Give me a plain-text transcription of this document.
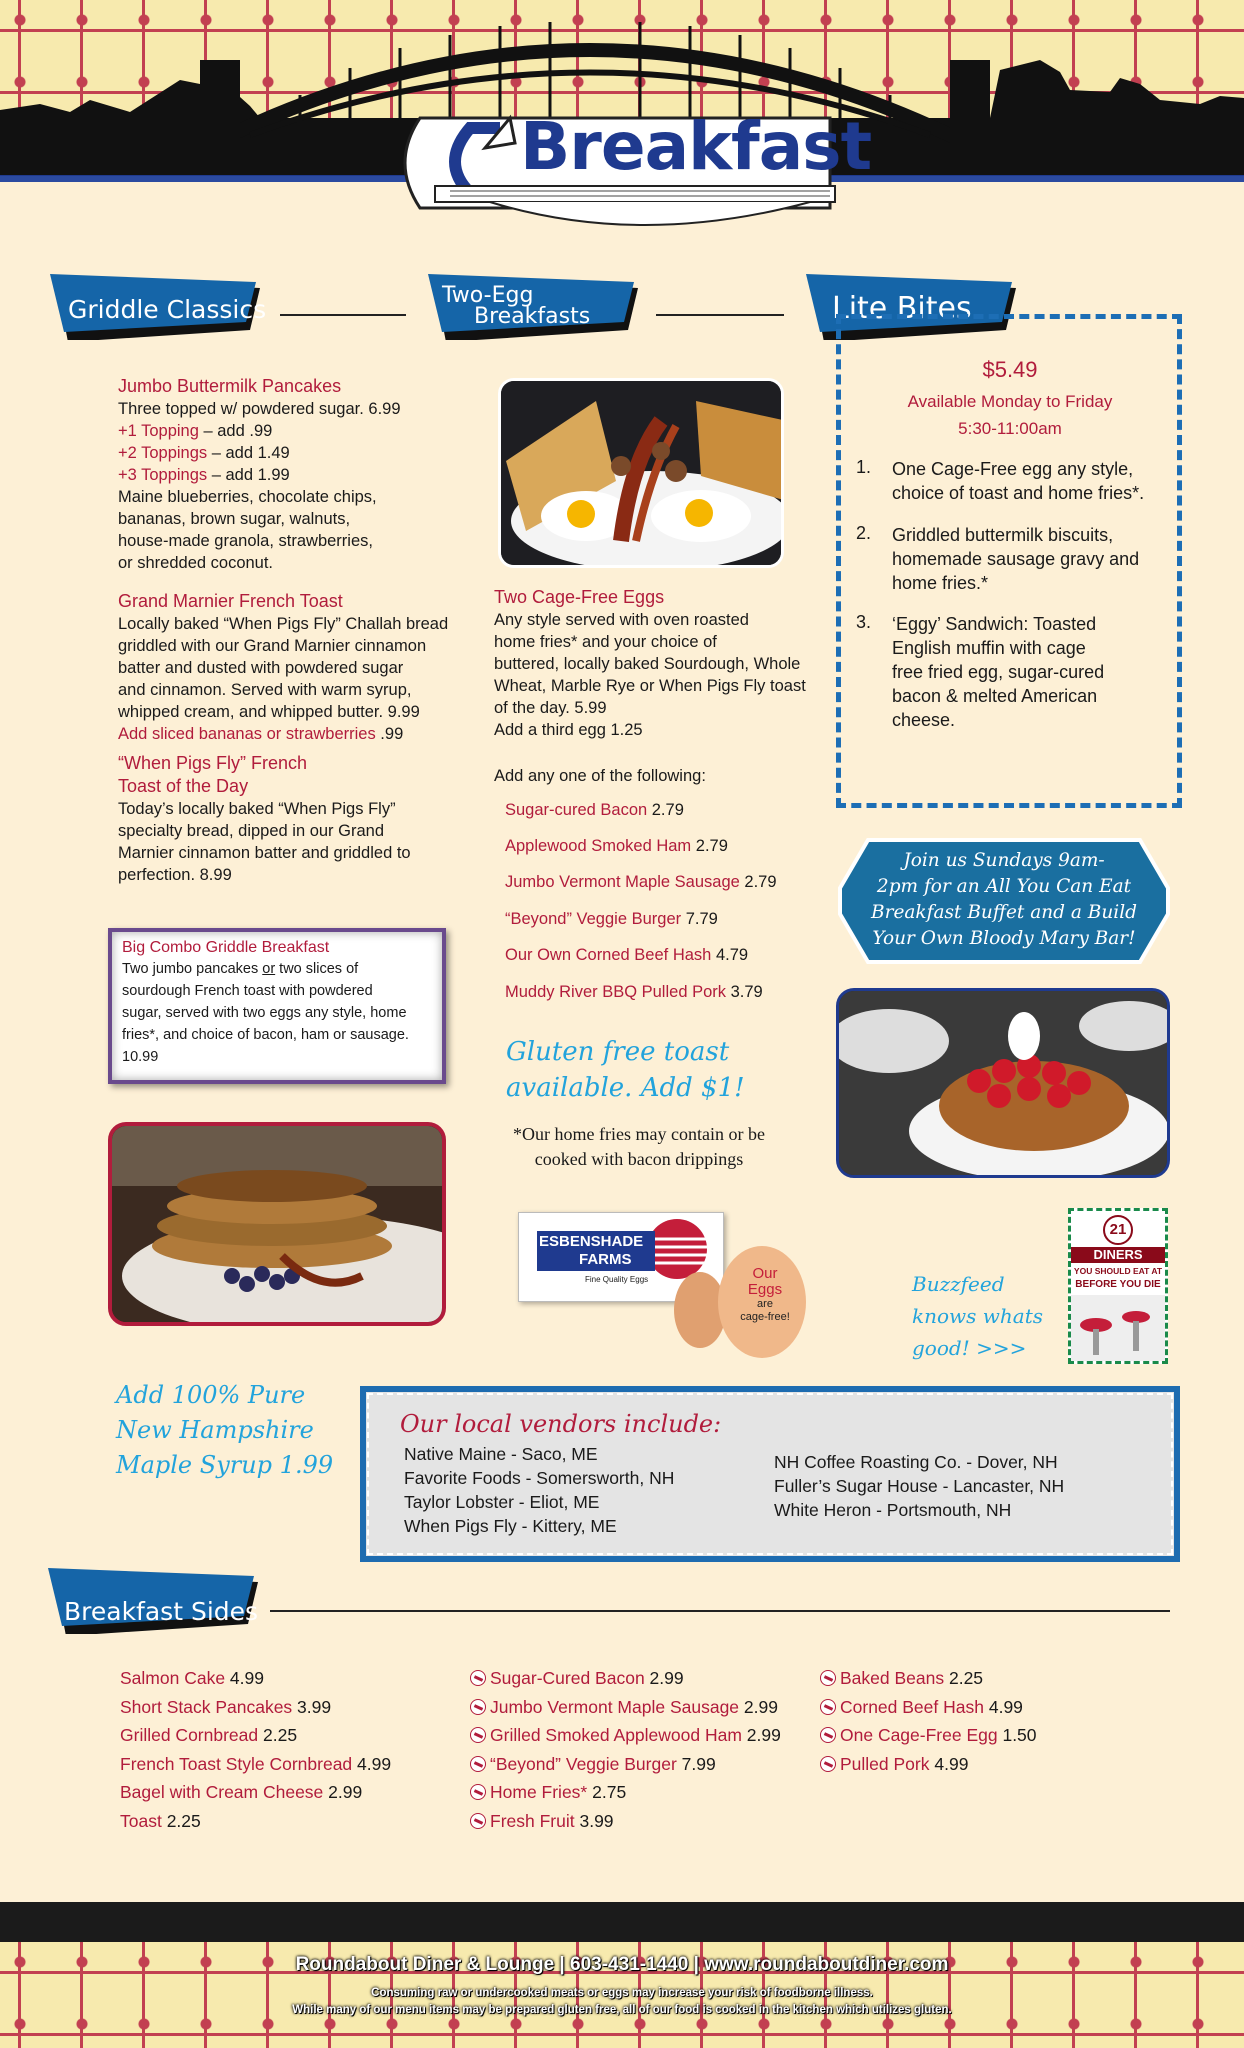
Breakfast
Griddle Classics	Two-Egg
Breakfasts	Lite Bites

Jumbo Buttermilk Pancakes

Three topped w/ powdered sugar. 6.99

+1 Topping – add .99

+2 Toppings – add 1.49

+3 Toppings – add 1.99

Maine blueberries, chocolate chips,

bananas, brown sugar, walnuts,

house-made granola, strawberries,

or shredded coconut.

Grand Marnier French Toast

Locally baked “When Pigs Fly” Challah bread

griddled with our Grand Marnier cinnamon

batter and dusted with powdered sugar

and cinnamon. Served with warm syrup,

whipped cream, and whipped butter. 9.99

Add sliced bananas or strawberries .99

“When Pigs Fly” French

Toast of the Day

Today’s locally baked “When Pigs Fly”

specialty bread, dipped in our Grand

Marnier cinnamon batter and griddled to

perfection. 8.99

Big Combo Griddle Breakfast

Two jumbo pancakes or two slices of

sourdough French toast with powdered

sugar, served with two eggs any style, home

fries*, and choice of bacon, ham or sausage.

10.99

Two Cage-Free Eggs

Any style served with oven roasted

home fries* and your choice of

buttered, locally baked Sourdough, Whole

Wheat, Marble Rye or When Pigs Fly toast

of the day. 5.99

Add a third egg 1.25

Add any one of the following:
Sugar-cured Bacon 2.79
Applewood Smoked Ham 2.79
Jumbo Vermont Maple Sausage 2.79
“Beyond” Veggie Burger 7.79
Our Own Corned Beef Hash 4.79
Muddy River BBQ Pulled Pork 3.79

Gluten free toast

available. Add $1!

*Our home fries may contain or be

cooked with bacon drippings

ESBENSHADE
FARMS
Fine Quality Eggs	Our

Eggs

are

cage-free!

$5.49

Available Monday to Friday

5:30-11:00am

1. One Cage-Free egg any style,

choice of toast and home fries*.

2. Griddled buttermilk biscuits,

homemade sausage gravy and

home fries.*

3. ‘Eggy’ Sandwich: Toasted

English muffin with cage

free fried egg, sugar-cured

bacon & melted American

cheese.

Join us Sundays 9am-

2pm for an All You Can Eat

Breakfast Buffet and a Build

Your Own Bloody Mary Bar!

Buzzfeed

knows whats

good! >>>

21
DINERS
YOU SHOULD EAT AT
BEFORE YOU DIE

Add 100% Pure

New Hampshire

Maple Syrup 1.99

Our local vendors include:

Native Maine - Saco, ME

Favorite Foods - Somersworth, NH

Taylor Lobster - Eliot, ME

When Pigs Fly - Kittery, ME

NH Coffee Roasting Co. - Dover, NH

Fuller’s Sugar House - Lancaster, NH

White Heron - Portsmouth, NH

Breakfast Sides
Salmon Cake 4.99
Short Stack Pancakes 3.99
Grilled Cornbread 2.25
French Toast Style Cornbread 4.99
Bagel with Cream Cheese 2.99
Toast 2.25
Sugar-Cured Bacon 2.99
Jumbo Vermont Maple Sausage 2.99
Grilled Smoked Applewood Ham 2.99
“Beyond” Veggie Burger 7.99
Home Fries* 2.75
Fresh Fruit 3.99
Baked Beans 2.25
Corned Beef Hash 4.99
One Cage-Free Egg 1.50
Pulled Pork 4.99
Roundabout Diner & Lounge | 603-431-1440 | www.roundaboutdiner.com
Consuming raw or undercooked meats or eggs may increase your risk of foodborne illness.
While many of our menu items may be prepared gluten free, all of our food is cooked in the kitchen which utilizes gluten.
